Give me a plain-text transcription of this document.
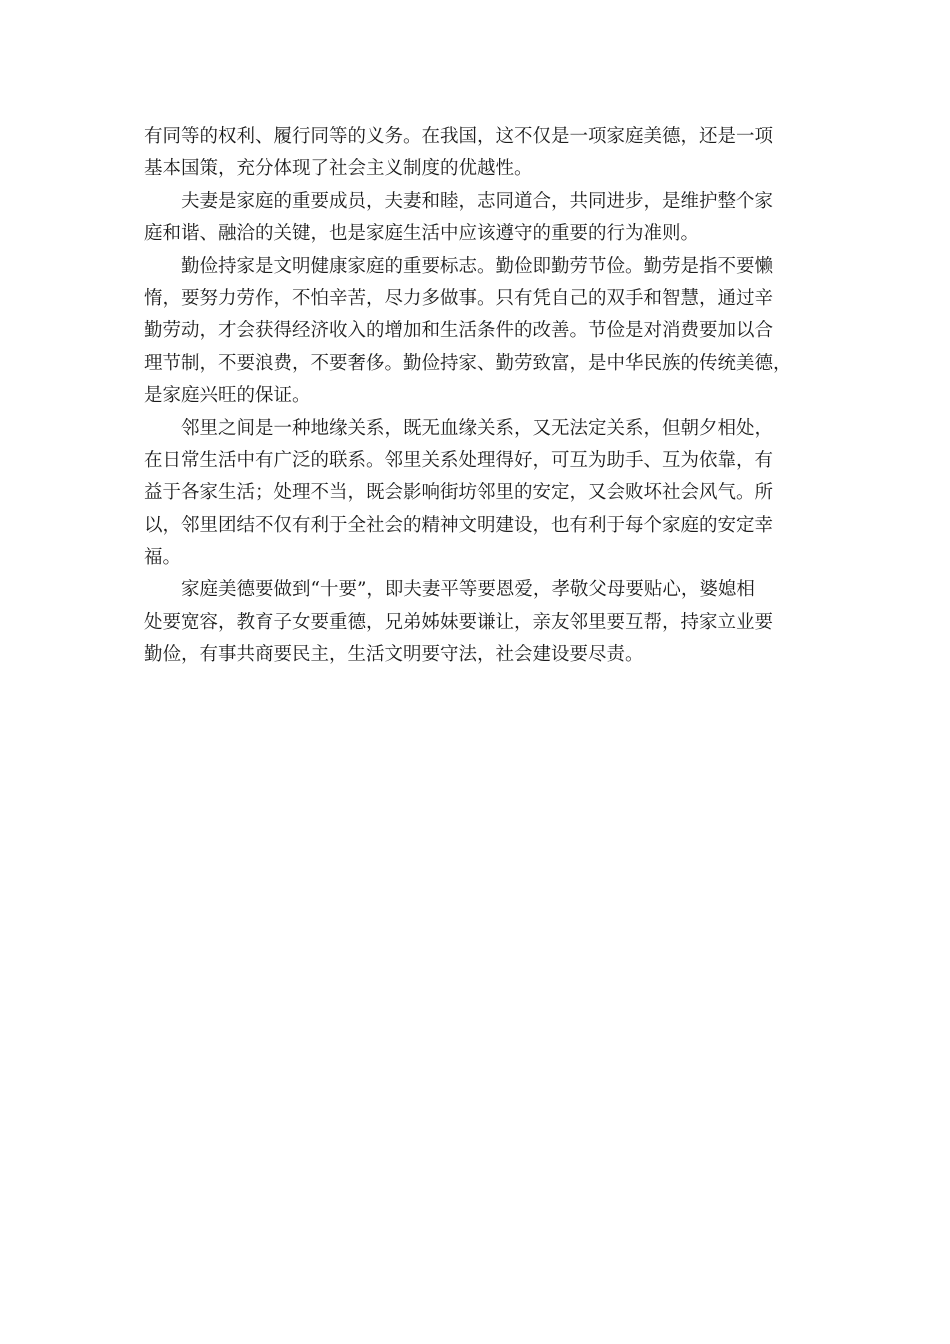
有同等的权利、履行同等的义务。在我国，这不仅是一项家庭美德，还是一项
基本国策，充分体现了社会主义制度的优越性。
夫妻是家庭的重要成员，夫妻和睦，志同道合，共同进步，是维护整个家
庭和谐、融洽的关键，也是家庭生活中应该遵守的重要的行为准则。
勤俭持家是文明健康家庭的重要标志。勤俭即勤劳节俭。勤劳是指不要懒
惰，要努力劳作，不怕辛苦，尽力多做事。只有凭自己的双手和智慧，通过辛
勤劳动，才会获得经济收入的增加和生活条件的改善。节俭是对消费要加以合
理节制，不要浪费，不要奢侈。勤俭持家、勤劳致富，是中华民族的传统美德，
是家庭兴旺的保证。
邻里之间是一种地缘关系，既无血缘关系，又无法定关系，但朝夕相处，
在日常生活中有广泛的联系。邻里关系处理得好，可互为助手、互为依靠，有
益于各家生活；处理不当，既会影响街坊邻里的安定，又会败坏社会风气。所
以，邻里团结不仅有利于全社会的精神文明建设，也有利于每个家庭的安定幸
福。
家庭美德要做到“十要”，即夫妻平等要恩爱，孝敬父母要贴心，婆媳相
处要宽容，教育子女要重德，兄弟姊妹要谦让，亲友邻里要互帮，持家立业要
勤俭，有事共商要民主，生活文明要守法，社会建设要尽责。
